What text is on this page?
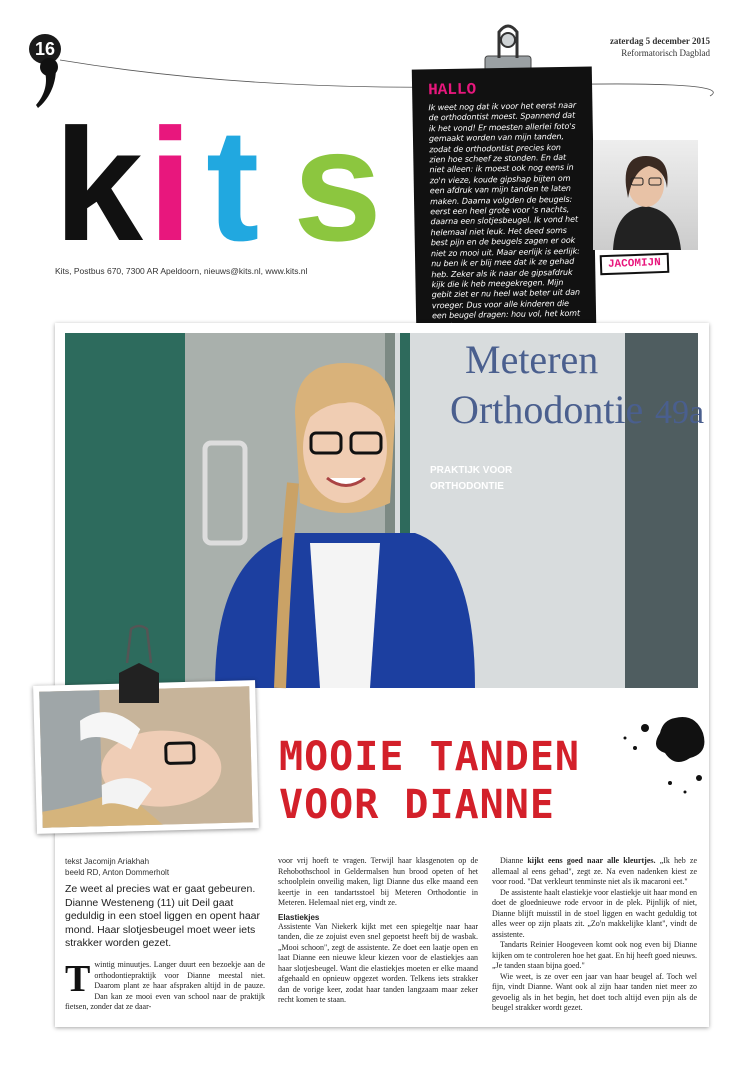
16	zaterdag 5 december 2015
Reformatorisch Dagblad
k i t s
Kits, Postbus 670, 7300 AR Apeldoorn, nieuws@kits.nl, www.kits.nl
HALLO

Ik weet nog dat ik voor het eerst naar de orthodontist moest. Spannend dat ik het vond! Er moesten allerlei foto's gemaakt worden van mijn tanden, zodat de orthodontist precies kon zien hoe scheef ze stonden. En dat niet alleen: ik moest ook nog eens in zo'n vieze, koude gipshap bijten om een afdruk van mijn tanden te laten maken. Daarna volgden de beugels: eerst een heel grote voor 's nachts, daarna een slotjesbeugel. Ik vond het helemaal niet leuk. Het deed soms best pijn en de beugels zagen er ook niet zo mooi uit. Maar eerlijk is eerlijk: nu ben ik er blij mee dat ik ze gehad heb. Zeker als ik naar de gipsafdruk kijk die ik heb meegekregen. Mijn gebit ziet er nu heel wat beter uit dan vroeger. Dus voor alle kinderen die een beugel dragen: hou vol, het komt

JACOMIJN
Meteren
Orthodontie 49a
PRAKTIJK VOOR
ORTHODONTIE
MOOIE TANDEN
VOOR DIANNE
tekst Jacomijn Ariakhah
beeld RD, Anton Dommerholt
Ze weet al precies wat er gaat gebeuren. Dianne Westeneng (11) uit Deil gaat geduldig in een stoel liggen en opent haar mond. Haar slotjesbeugel moet weer iets strakker worden gezet.
Twintig minuutjes. Langer duurt een bezoekje aan de orthodontiepraktijk voor Dianne meestal niet. Daarom plant ze haar afspraken altijd in de pauze. Dan kan ze mooi even van school naar de praktijk fietsen, zonder dat ze daar-

voor vrij hoeft te vragen. Terwijl haar klasgenoten op de Rehobothschool in Geldermalsen hun brood opeten of het schoolplein onveilig maken, ligt Dianne dus elke maand een keertje in een tandartsstoel bij Meteren Orthodontie in Meteren. Helemaal niet erg, vindt ze.

Elastiekjes

Assistente Van Niekerk kijkt met een spiegeltje naar haar tanden, die ze zojuist even snel gepoetst heeft bij de wasbak. „Mooi schoon", zegt de assistente. Ze doet een laatje open en laat Dianne een nieuwe kleur kiezen voor de elastiekjes aan haar slotjesbeugel. Want die elastiekjes moeten er elke maand afgehaald en opnieuw opgezet worden. Telkens iets strakker dan de vorige keer, zodat haar tanden langzaam maar zeker recht komen te staan.

Dianne kijkt eens goed naar alle kleurtjes. „Ik heb ze allemaal al eens gehad", zegt ze. Na even nadenken kiest ze voor rood. "Dat verkleurt tenminste niet als ik macaroni eet."

De assistente haalt elastiekje voor elastiekje uit haar mond en doet de gloednieuwe rode ervoor in de plek. Pijnlijk of niet, Dianne blijft muisstil in de stoel liggen en wacht geduldig tot alles weer op zijn plaats zit. „Zo'n makkelijke klant", vindt de assistente.

Tandarts Reinier Hoogeveen komt ook nog even bij Dianne kijken om te controleren hoe het gaat. En hij heeft goed nieuws. „Je tanden staan bijna goed."

Wie weet, is ze over een jaar van haar beugel af. Toch wel fijn, vindt Dianne. Want ook al zijn haar tanden niet meer zo gevoelig als in het begin, het doet toch altijd even pijn als de beugel strakker wordt gezet.
